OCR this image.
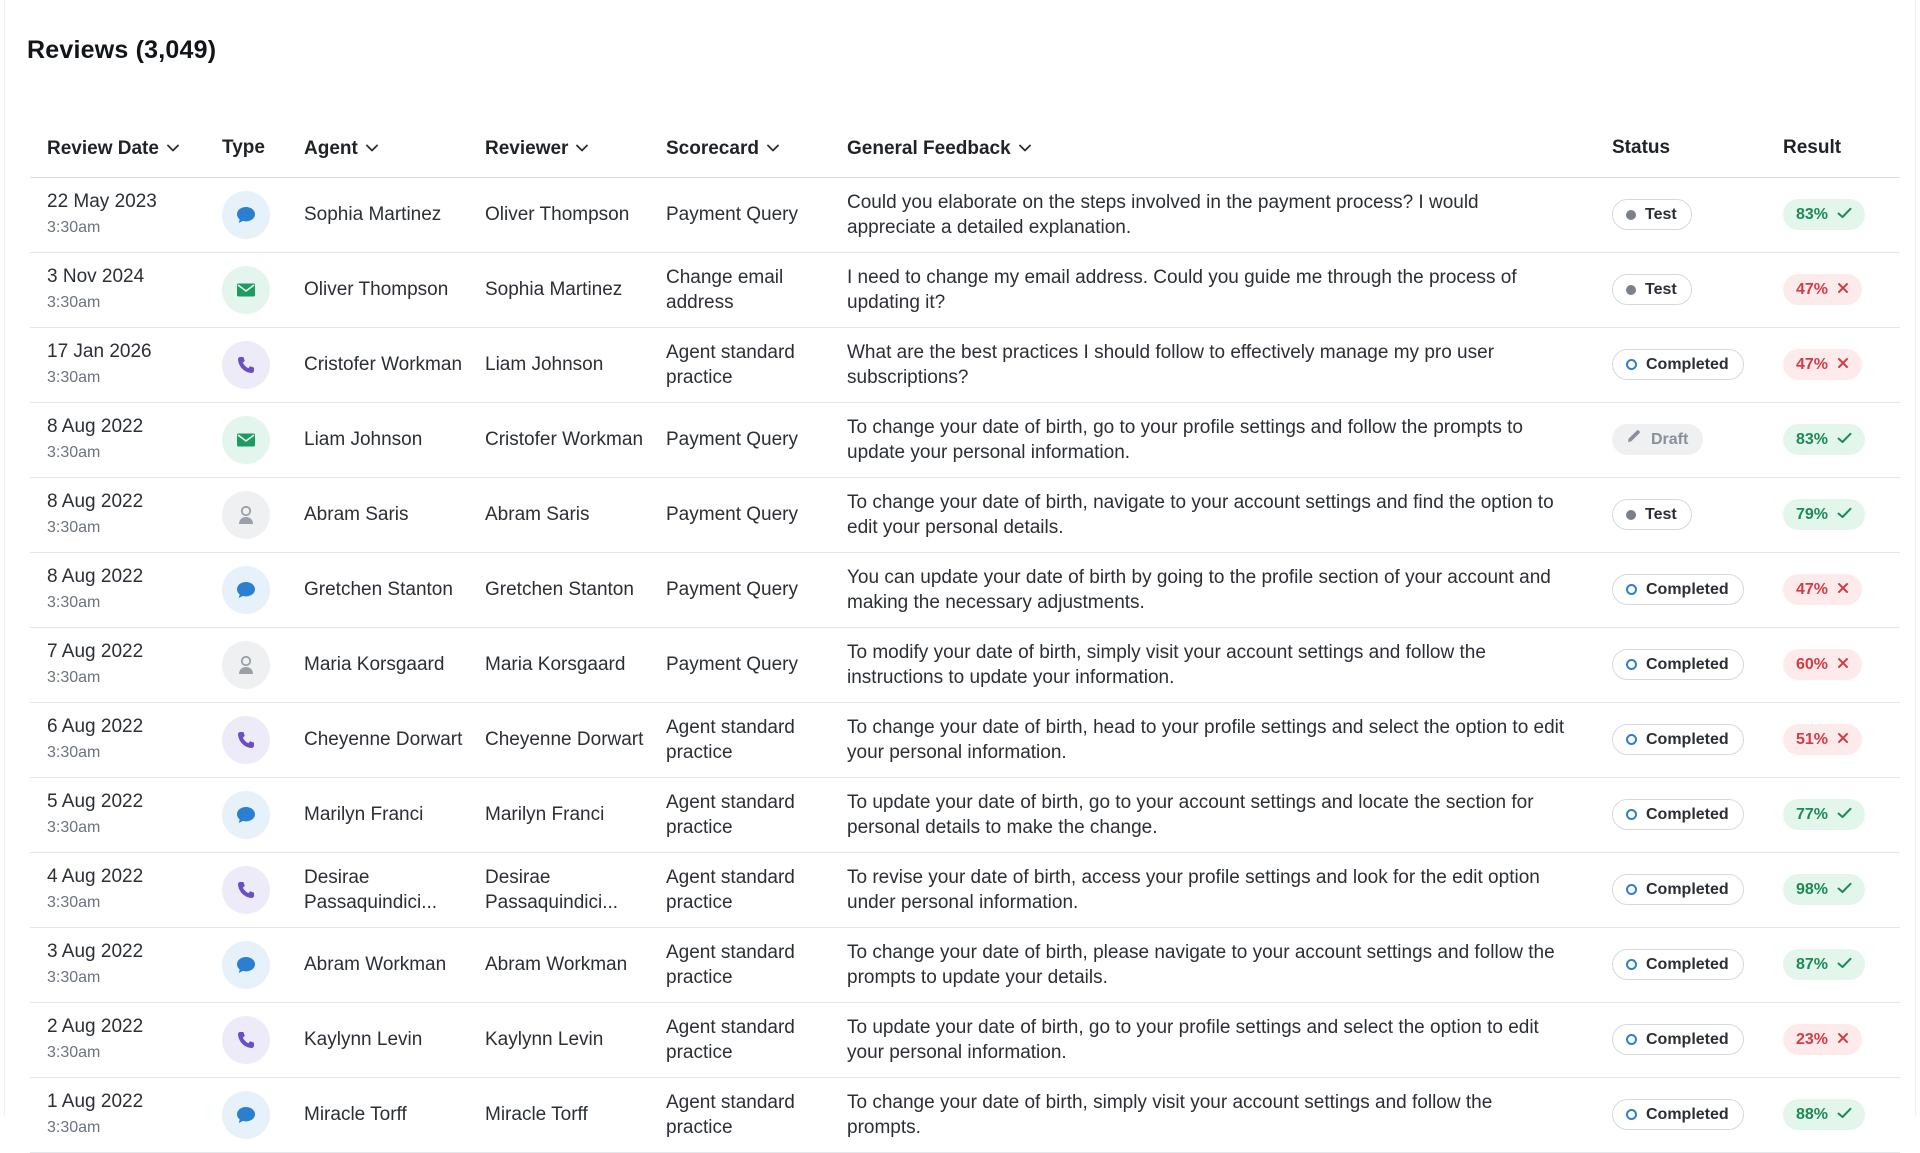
Reviews (3,049)
Review Date	Type	Agent	Reviewer	Scorecard	General Feedback	Status	Result

22 May 2023
3:30am		Sophia Martinez	Oliver Thompson	Payment Query	Could you elaborate on the steps involved in the payment process? I would appreciate a detailed explanation.	Test	83%

3 Nov 2024
3:30am		Oliver Thompson	Sophia Martinez	Change email address	I need to change my email address. Could you guide me through the process of updating it?	Test	47%

17 Jan 2026
3:30am		Cristofer Workman	Liam Johnson	Agent standard practice	What are the best practices I should follow to effectively manage my pro user subscriptions?	Completed	47%

8 Aug 2022
3:30am		Liam Johnson	Cristofer Workman	Payment Query	To change your date of birth, go to your profile settings and follow the prompts to update your personal information.	Draft	83%

8 Aug 2022
3:30am		Abram Saris	Abram Saris	Payment Query	To change your date of birth, navigate to your account settings and find the option to edit your personal details.	Test	79%

8 Aug 2022
3:30am		Gretchen Stanton	Gretchen Stanton	Payment Query	You can update your date of birth by going to the profile section of your account and making the necessary adjustments.	Completed	47%

7 Aug 2022
3:30am		Maria Korsgaard	Maria Korsgaard	Payment Query	To modify your date of birth, simply visit your account settings and follow the instructions to update your information.	Completed	60%

6 Aug 2022
3:30am		Cheyenne Dorwart	Cheyenne Dorwart	Agent standard practice	To change your date of birth, head to your profile settings and select the option to edit your personal information.	Completed	51%

5 Aug 2022
3:30am		Marilyn Franci	Marilyn Franci	Agent standard practice	To update your date of birth, go to your account settings and locate the section for personal details to make the change.	Completed	77%

4 Aug 2022
3:30am		Desirae Passaquindici...	Desirae Passaquindici...	Agent standard practice	To revise your date of birth, access your profile settings and look for the edit option under personal information.	Completed	98%

3 Aug 2022
3:30am		Abram Workman	Abram Workman	Agent standard practice	To change your date of birth, please navigate to your account settings and follow the prompts to update your details.	Completed	87%

2 Aug 2022
3:30am		Kaylynn Levin	Kaylynn Levin	Agent standard practice	To update your date of birth, go to your profile settings and select the option to edit your personal information.	Completed	23%

1 Aug 2022
3:30am		Miracle Torff	Miracle Torff	Agent standard practice	To change your date of birth, simply visit your account settings and follow the prompts.	Completed	88%
